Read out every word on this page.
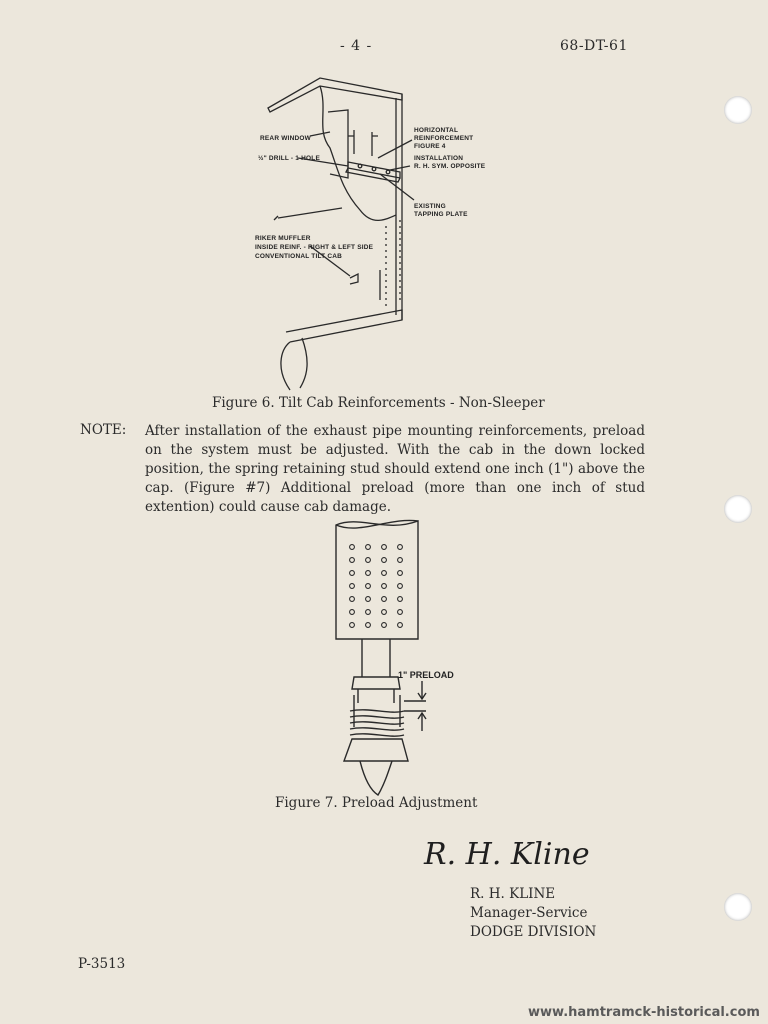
- 4 -	68-DT-61
REAR WINDOW
½" DRILL - 1 HOLE
HORIZONTAL
REINFORCEMENT
FIGURE 4
INSTALLATION
R. H. SYM. OPPOSITE
EXISTING
TAPPING PLATE
RIKER MUFFLER
INSIDE REINF. - RIGHT & LEFT SIDE
CONVENTIONAL TILT CAB
Figure 6. Tilt Cab Reinforcements - Non-Sleeper
NOTE: After installation of the exhaust pipe mounting reinforcements, preload on the system must be adjusted. With the cab in the down locked position, the spring retaining stud should extend one inch (1") above the cap. (Figure #7) Additional preload (more than one inch of stud extention) could cause cab damage.
1" PRELOAD
Figure 7. Preload Adjustment
R. H. Kline
R. H. KLINE
Manager-Service
DODGE DIVISION
P-3513
www.hamtramck-historical.com
